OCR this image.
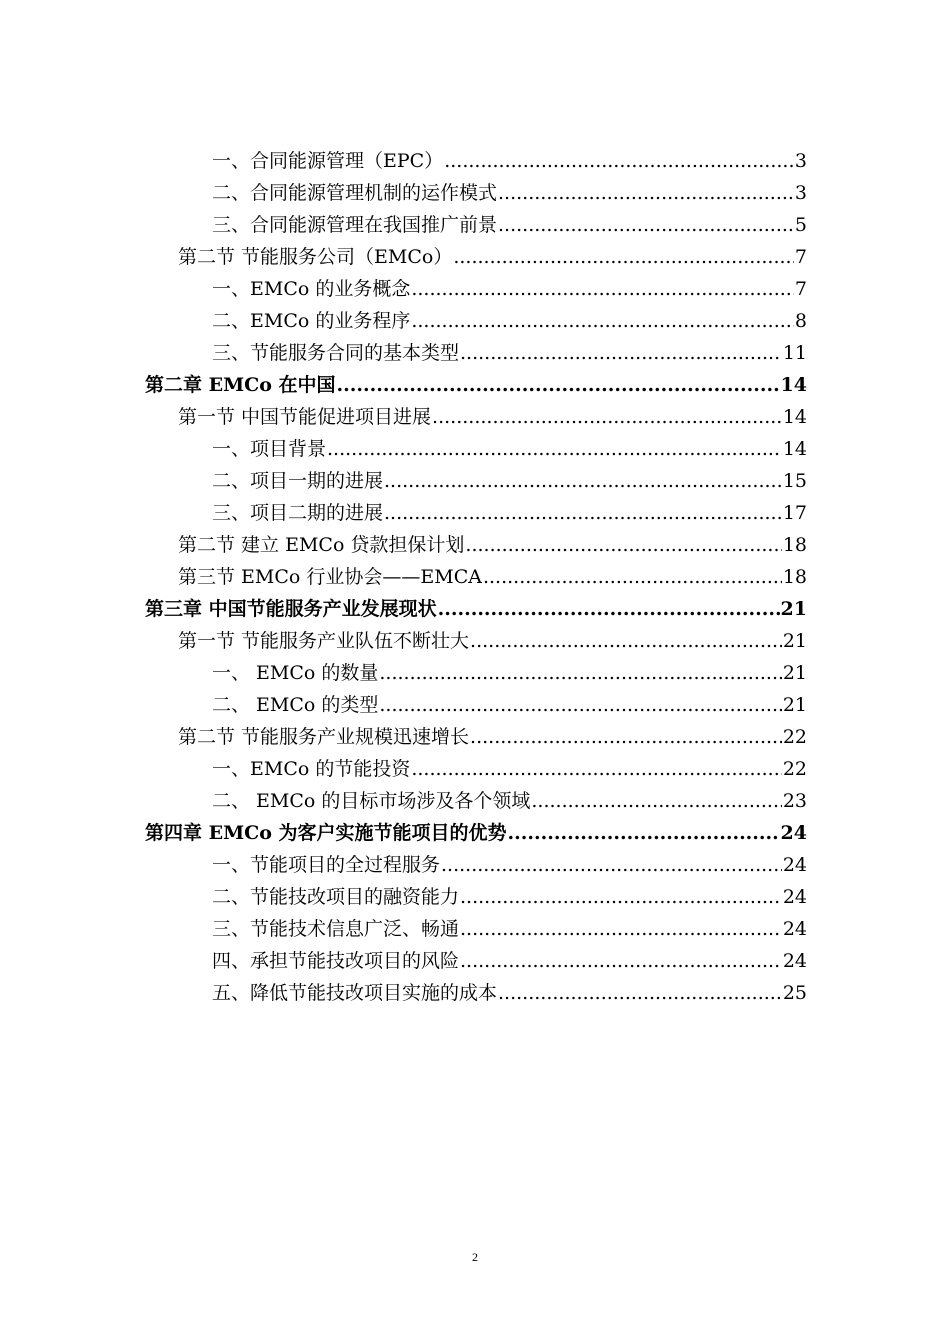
一、合同能源管理（EPC） .....	3
二、合同能源管理机制的运作模式 .....	3
三、合同能源管理在我国推广前景 .....	5
第二节 节能服务公司（EMCo） .....	7
一、EMCo 的业务概念 .....	7
二、EMCo 的业务程序 .....	8
三、节能服务合同的基本类型 .....	11
第二章 EMCo 在中国 .....	14
第一节 中国节能促进项目进展 .....	14
一、项目背景 .....	14
二、项目一期的进展 .....	15
三、项目二期的进展 .....	17
第二节 建立 EMCo 贷款担保计划 .....	18
第三节 EMCo 行业协会——EMCA .....	18
第三章 中国节能服务产业发展现状 .....	21
第一节 节能服务产业队伍不断壮大 .....	21
一、 EMCo 的数量 .....	21
二、 EMCo 的类型 .....	21
第二节 节能服务产业规模迅速增长 .....	22
一、EMCo 的节能投资 .....	22
二、 EMCo 的目标市场涉及各个领域 .....	23
第四章 EMCo 为客户实施节能项目的优势 .....	24
一、节能项目的全过程服务 .....	24
二、节能技改项目的融资能力 .....	24
三、节能技术信息广泛、畅通 .....	24
四、承担节能技改项目的风险 .....	24
五、降低节能技改项目实施的成本 .....	25
2
